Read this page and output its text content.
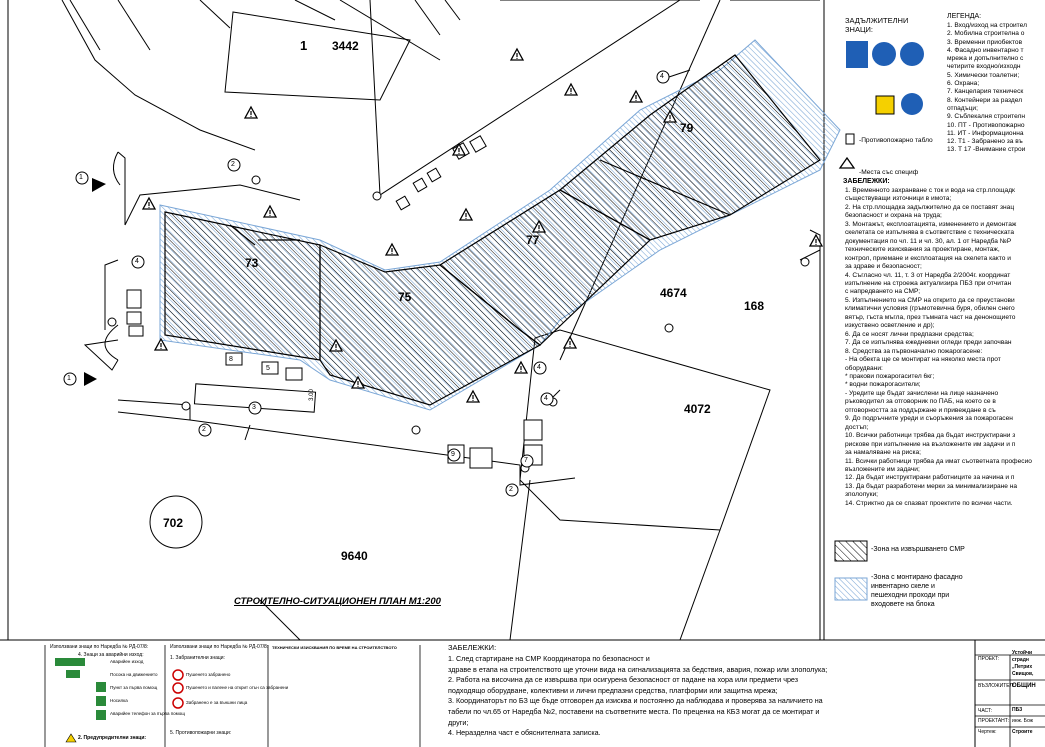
1 3442
73
75
77
79
4674
168
4072
702
9640
3.00
2
4
4
3
2
2
7
9
4
4
1
1
5
8
СТРОИТЕЛНО-СИТУАЦИОНЕН ПЛАН М1:200
ЗАДЪЛЖИТЕЛНИ
ЗНАЦИ:
ЛЕГЕНДА:
1. Вход/изход на строител
2. Мобилна строителна о
3. Временни приобектов
4. Фасадно инвентарно т
мрежа и допълнително с
четирите входно/изходн
5. Химически тоалетни;
6. Охрана;
7. Канцелария техническ
8. Контейнери за раздел
отпадъци;
9. Съблекалня строителн
10. ПТ - Противопожарно
11. ИТ - Информационна
12. Т1 - Забранено за въ
13. Т 17 -Внимание строи
-Противопожарно табло
-Места със специф
ЗАБЕЛЕЖКИ:
1. Временното захранване с ток и вода на стр.площадк
съществуващи източници в имота;
2. На стр.площадка задължително да се поставят знац
безопасност и охрана на труда;
3. Монтажът, експлоатацията, изменението и демонтаж
скелетата се изпълнява в съответствие с техническата
документация по чл. 11 и чл. 30, ал. 1 от Наредба №Р
техническите изисквания за проектиране, монтаж,
контрол, приемане и експлоатация на скелета както и
за здраве и безопасност;
4. Съгласно чл. 11, т. 3 от Наредба 2/2004г. координат
изпълнение на строежа актуализира ПБЗ при отчитан
с напредването на СМР;
5. Изпълнението на СМР на открито да се преустанови
климатични условия (гръмотевична буря, обилен снего
вятър, гъста мъгла, през тъмната част на денонощието
изкуствено осветление и др);
6. Да се носят лични предпазни средства;
7. Да се изпълнява ежедневни огледи преди започван
8. Средства за първоначално пожарогасене:
- На обекта ще се монтират на няколко места прот
оборудвани:
* пракови пожарогасител 6кг;
* водни пожарогасители;
- Уредите ще бъдат зачислени на лице назначено
ръководител за отговорник по ПАБ, на което се в
отговорността за поддържане и привеждане в съ
9. До подръчните уреди и съоръжения за пожарогасен
достъп;
10. Всички работници трябва да бъдат инструктирани з
рискове при изпълнение на възложените им задачи и п
за намаляване на риска;
11. Всички работници трябва да имат съответната професио
възложените им задачи;
12. Да бъдат инструктирани работниците за начина и п
13. Да бъдат разработени мерки за минимализиране на
зполопуки;
14. Стриктно да се спазват проектите по всички части.
-Зона на извършването СМР
-Зона с монтирано фасадно
инвентарно скеле и
пешеходни проходи при
входовете на блока
ЗАБЕЛЕЖКИ:
1. След стартиране на СМР Координатора по безопасност и
здраве в етапа на строителството ще уточни вида на сигнализацията за бедствия, авария, пожар или злополука;
2. Работа на височина да се извършва при осигурена безопасност от падане на хора или предмети чрез
подходящо оборудване, колективни и лични предпазни средства, платформи или защитна мрежа;
3. Координаторът по БЗ ще бъде отговорен да изисква и постоянно да наблюдава и проверява за наличието на
табели по чл.65 от Наредба №2, поставени на съответните места. По преценка на КБЗ могат да се монтират и
други;
4. Неразделна част е обяснителната записка.
Използвани знаци по Наредба № РД-07/8:
4. Знаци за аварийни изход:
Аварийен изход
Посока на движението
Пункт за първа помощ
Носилка
Аварийен телефон за първа помощ
2. Предупредителни знаци:
Използвани знаци по Наредба № РД-07/8:
1. Забранителни знаци:
Пушенето забранено
Пушенето и палене на открит огън са забранени
Забранено е за външни лица
5. Противопожарни знаци:
ТЕХНИЧЕСКИ ИЗИСКВАНИЯ ПО ВРЕМЕ НА СТРОИТЕЛСТВОТО
ПРОЕКТ:
Устойчи
сградн
„Петрих
Свищов,
ВЪЗЛОЖИТЕЛ:
ОБЩИН
ЧАСТ:	ПБЗ
ПРОЕКТАНТ: инж. Бож
Чертеж:	Строите
